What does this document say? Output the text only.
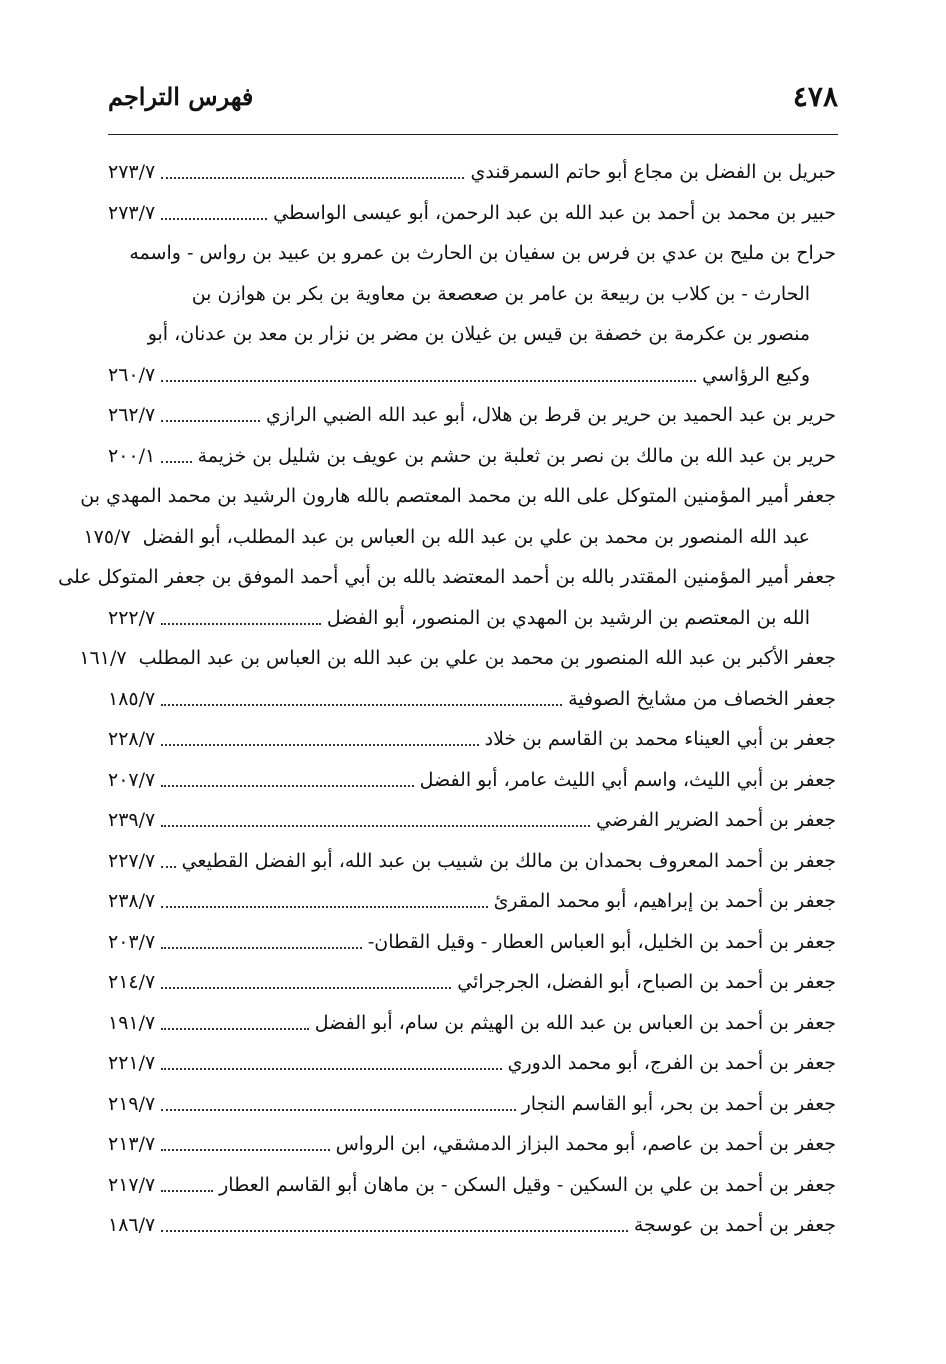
٤٧٨
فهرس التراجم
حبريل بن الفضل بن مجاع أبو حاتم السمرقندي
٢٧٣/٧
حبير بن محمد بن أحمد بن عبد الله بن عبد الرحمن، أبو عيسى الواسطي
٢٧٣/٧
حراح بن مليح بن عدي بن فرس بن سفيان بن الحارث بن عمرو بن عبيد بن رواس - واسمه
الحارث - بن كلاب بن ربيعة بن عامر بن صعصعة بن معاوية بن بكر بن هوازن بن
منصور بن عكرمة بن خصفة بن قيس بن غيلان بن مضر بن نزار بن معد بن عدنان، أبو
وكيع الرؤاسي
٢٦٠/٧
حرير بن عبد الحميد بن حرير بن قرط بن هلال، أبو عبد الله الضبي الرازي
٢٦٢/٧
حرير بن عبد الله بن مالك بن نصر بن ثعلبة بن حشم بن عويف بن شليل بن خزيمة
٢٠٠/١
جعفر أمير المؤمنين المتوكل على الله بن محمد المعتصم بالله هارون الرشيد بن محمد المهدي بن
عبد الله المنصور بن محمد بن علي بن عبد الله بن العباس بن عبد المطلب، أبو الفضل
١٧٥/٧
جعفر أمير المؤمنين المقتدر بالله بن أحمد المعتضد بالله بن أبي أحمد الموفق بن جعفر المتوكل على
الله بن المعتصم بن الرشيد بن المهدي بن المنصور، أبو الفضل
٢٢٢/٧
جعفر الأكبر بن عبد الله المنصور بن محمد بن علي بن عبد الله بن العباس بن عبد المطلب
١٦١/٧
جعفر الخصاف من مشايخ الصوفية
١٨٥/٧
جعفر بن أبي العيناء محمد بن القاسم بن خلاد
٢٢٨/٧
جعفر بن أبي الليث، واسم أبي الليث عامر، أبو الفضل
٢٠٧/٧
جعفر بن أحمد الضرير الفرضي
٢٣٩/٧
جعفر بن أحمد المعروف بحمدان بن مالك بن شبيب بن عبد الله، أبو الفضل القطيعي
٢٢٧/٧
جعفر بن أحمد بن إبراهيم، أبو محمد المقرئ
٢٣٨/٧
جعفر بن أحمد بن الخليل، أبو العباس العطار - وقيل القطان-
٢٠٣/٧
جعفر بن أحمد بن الصباح، أبو الفضل، الجرجرائي
٢١٤/٧
جعفر بن أحمد بن العباس بن عبد الله بن الهيثم بن سام، أبو الفضل
١٩١/٧
جعفر بن أحمد بن الفرج، أبو محمد الدوري
٢٢١/٧
جعفر بن أحمد بن بحر، أبو القاسم النجار
٢١٩/٧
جعفر بن أحمد بن عاصم، أبو محمد البزاز الدمشقي، ابن الرواس
٢١٣/٧
جعفر بن أحمد بن علي بن السكين - وقيل السكن - بن ماهان أبو القاسم العطار
٢١٧/٧
جعفر بن أحمد بن عوسجة
١٨٦/٧
